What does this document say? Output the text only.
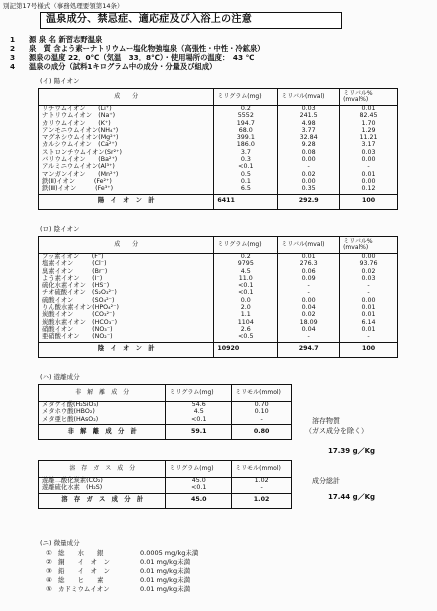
別記第17号様式（事務処理要領第14条）
温泉成分、禁忌症、適応症及び入浴上の注意
1 源 泉 名 新習志野温泉
2 泉　質 含よう素ーナトリウムー塩化物強塩泉（高張性・中性・冷鉱泉）
3 源泉の温度 22．0℃（気温　33．8℃）・使用場所の温度：　43 ℃
4 温泉の成分（試料1キログラム中の成分・分量及び組成）
(イ) 陽イオン
成　　分	ミリグラム(mg)	ミリバル(mval)	ミリバル%(mval%)
リチウムイオン　　(Li⁺)	0.2	0.03	0.01
ナトリウムイオン　(Na⁺)	5552	241.5	82.45
カリウムイオン　　(K⁺)	194.7	4.98	1.70
アンモニウムイオン(NH₄⁺)	68.0	3.77	1.29
マグネシウムイオン(Mg²⁺)	399.1	32.84	11.21
カルシウムイオン　(Ca²⁺)	186.0	9.28	3.17
ストロンチウムイオン(Sr²⁺)	3.7	0.08	0.03
バリウムイオン　　(Ba²⁺)	0.3	0.00	0.00
アルミニウムイオン(Al³⁺)	<0.1	-	-
マンガンイオン　　(Mn²⁺)	0.5	0.02	0.01
鉄(Ⅱ)イオン　　　(Fe²⁺)	0.1	0.00	0.00
鉄(Ⅲ)イオン　　　(Fe³⁺)	6.5	0.35	0.12
陽　イ　オ　ン　計	6411	292.9	100
(ロ) 陰イオン
成　　分	ミリグラム(mg)	ミリバル(mval)	ミリバル%(mval%)
フッ素イオン　　(F⁻)	0.2	0.01	0.00
塩素イオン　　　(Cl⁻)	9795	276.3	93.76
臭素イオン　　　(Br⁻)	4.5	0.06	0.02
よう素イオン　　(I⁻)	11.0	0.09	0.03
硫化水素イオン　(HS⁻)	<0.1	-	-
チオ硫酸イオン　(S₂O₃²⁻)	<0.1	-	-
硫酸イオン　　　(SO₄²⁻)	0.0	0.00	0.00
りん酸水素イオン(HPO₄²⁻)	2.0	0.04	0.01
炭酸イオン　　　(CO₃²⁻)	1.1	0.02	0.01
炭酸水素イオン　(HCO₃⁻)	1104	18.09	6.14
硝酸イオン　　　(NO₃⁻)	2.6	0.04	0.01
亜硝酸イオン　　(NO₂⁻)	<0.5	-	-
陰　イ　オ　ン　計	10920	294.7	100
(ハ) 遊離成分
非　解　離　成　分	ミリグラム(mg)	ミリモル(mmol)
メタケイ酸(H₂SiO₃)	54.6	0.70
メタホウ酸(HBO₂)	4.5	0.10
メタ亜ヒ酸(HAsO₂)	<0.1	-
非　解　離　成　分　計	59.1	0.80
溶　存　ガ　ス　成　分	ミリグラム(mg)	ミリモル(mmol)
遊離二酸化炭素(CO₂)	45.0	1.02
遊離硫化水素　(H₂S)	<0.1	-
溶　存　ガ　ス　成　分　計	45.0	1.02
溶存物質
（ガス成分を除く）
17.39 g／Kg
成分総計
17.44 g／Kg
(ニ) 微量成分
① 総　　水　　銀	0.0005 mg/kg未満
② 銅　　イ　オ　ン	0.01 mg/kg未満
③ 鉛　　イ　オ　ン	0.01 mg/kg未満
④ 総　　ヒ　　素	0.01 mg/kg未満
⑤ カドミウムイオン	0.01 mg/kg未満
